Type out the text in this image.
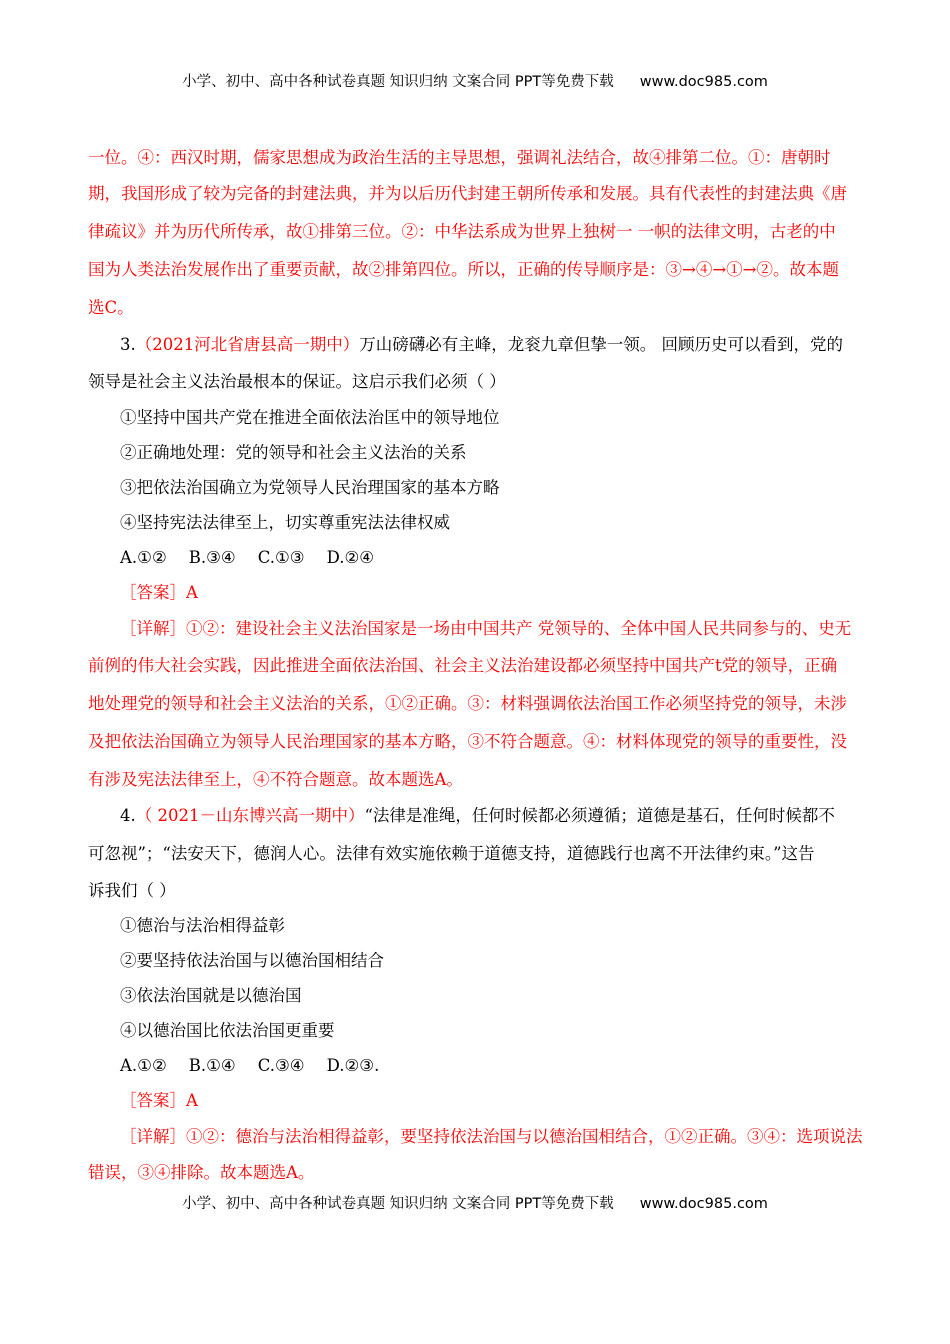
小学、初中、高中各种试卷真题 知识归纳 文案合同 PPT等免费下载 www.doc985.com
一位。④：西汉时期，儒家思想成为政治生活的主导思想，强调礼法结合，故④排第二位。①：唐朝时
期，我国形成了较为完备的封建法典，并为以后历代封建王朝所传承和发展。具有代表性的封建法典《唐
律疏议》并为历代所传承，故①排第三位。②：中华法系成为世界上独树一 一帜的法律文明，古老的中
国为人类法治发展作出了重要贡献，故②排第四位。所以，正确的传导顺序是：③→④→①→②。故本题
选C。
3.（2021河北省唐县高一期中）万山磅礴必有主峰，龙衮九章但挚一领。 回顾历史可以看到，党的
领导是社会主义法治最根本的保证。这启示我们必须（ ）
①坚持中国共产党在推进全面依法治匡中的领导地位
②正确地处理：党的领导和社会主义法治的关系
③把依法治国确立为党领导人民治理国家的基本方略
④坚持宪法法律至上，切实尊重宪法法律权威
A.①② B.③④ C.①③ D.②④
［答案］A
［详解］①②：建设社会主义法治国家是一场由中国共产 党领导的、全体中国人民共同参与的、史无
前例的伟大社会实践，因此推进全面依法治国、社会主义法治建设都必须坚持中国共产t党的领导，正确
地处理党的领导和社会主义法治的关系，①②正确。③：材料强调依法治国工作必须坚持党的领导，未涉
及把依法治国确立为领导人民治理国家的基本方略，③不符合题意。④：材料体现党的领导的重要性，没
有涉及宪法法律至上，④不符合题意。故本题选A。
4.（ 2021－山东博兴高一期中）“法律是准绳，任何时候都必须遵循；道德是基石，任何时候都不
可忽视”；“法安天下，德润人心。法律有效实施依赖于道德支持，道德践行也离不开法律约束。”这告
诉我们（ ）
①德治与法治相得益彰
②要坚持依法治国与以德治国相结合
③依法治国就是以德治国
④以德治国比依法治国更重要
A.①② B.①④ C.③④ D.②③.
［答案］A
［详解］①②：德治与法治相得益彰，要坚持依法治国与以德治国相结合，①②正确。③④：选项说法
错误，③④排除。故本题选A。
小学、初中、高中各种试卷真题 知识归纳 文案合同 PPT等免费下载 www.doc985.com
